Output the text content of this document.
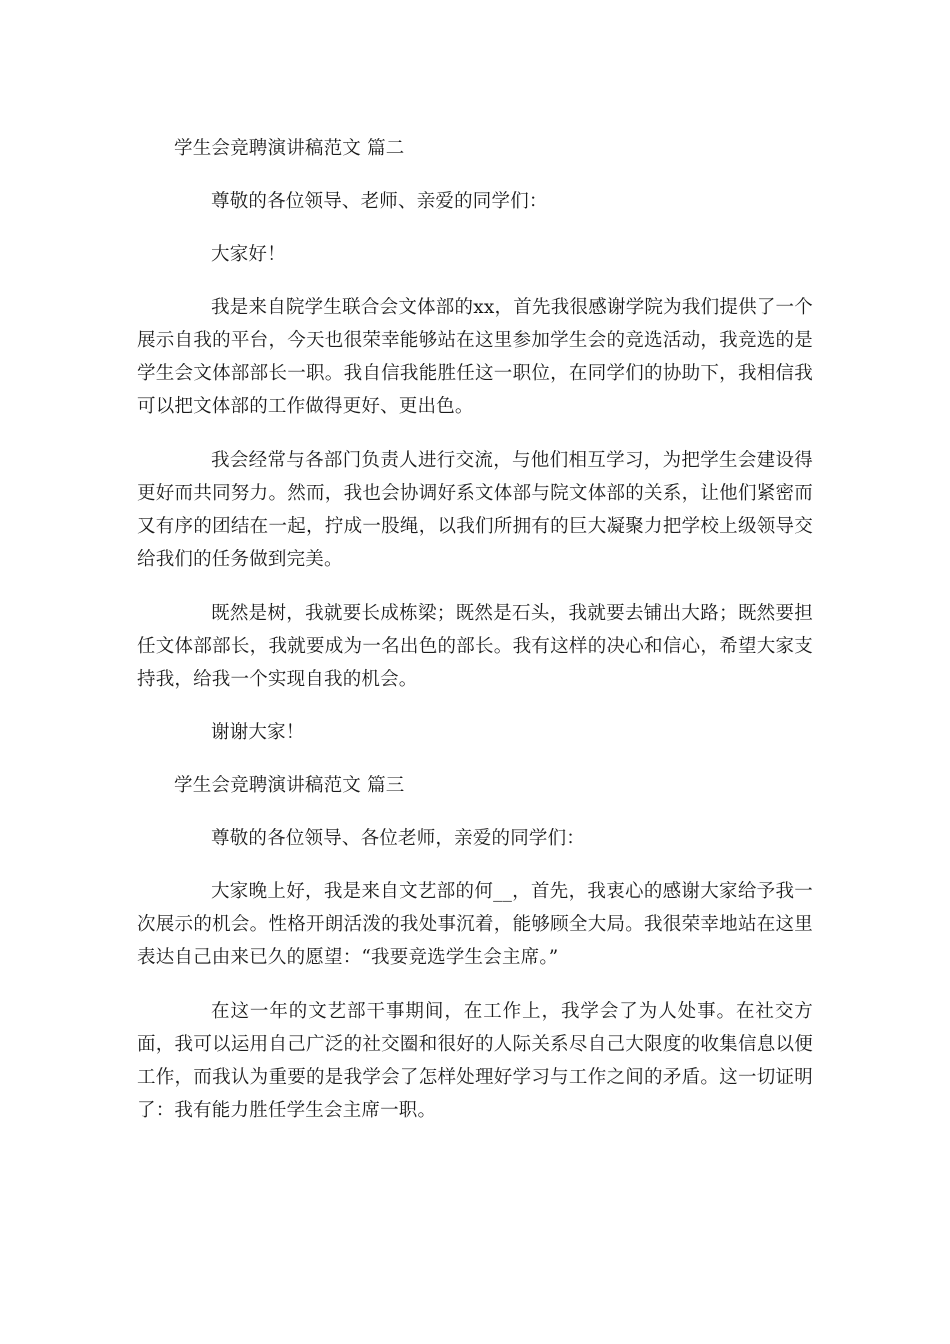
学生会竞聘演讲稿范文 篇二

尊敬的各位领导、老师、亲爱的同学们：

大家好！

我是来自院学生联合会文体部的xx，首先我很感谢学院为我们提供了一个展示自我的平台，今天也很荣幸能够站在这里参加学生会的竞选活动，我竞选的是学生会文体部部长一职。我自信我能胜任这一职位，在同学们的协助下，我相信我可以把文体部的工作做得更好、更出色。

我会经常与各部门负责人进行交流，与他们相互学习，为把学生会建设得更好而共同努力。然而，我也会协调好系文体部与院文体部的关系，让他们紧密而又有序的团结在一起，拧成一股绳，以我们所拥有的巨大凝聚力把学校上级领导交给我们的任务做到完美。

既然是树，我就要长成栋梁；既然是石头，我就要去铺出大路；既然要担任文体部部长，我就要成为一名出色的部长。我有这样的决心和信心，希望大家支持我，给我一个实现自我的机会。

谢谢大家！

学生会竞聘演讲稿范文 篇三

尊敬的各位领导、各位老师，亲爱的同学们：

大家晚上好，我是来自文艺部的何__，首先，我衷心的感谢大家给予我一次展示的机会。性格开朗活泼的我处事沉着，能够顾全大局。我很荣幸地站在这里表达自己由来已久的愿望：“我要竞选学生会主席。”

在这一年的文艺部干事期间，在工作上，我学会了为人处事。在社交方面，我可以运用自己广泛的社交圈和很好的人际关系尽自己大限度的收集信息以便工作，而我认为重要的是我学会了怎样处理好学习与工作之间的矛盾。这一切证明了：我有能力胜任学生会主席一职。
